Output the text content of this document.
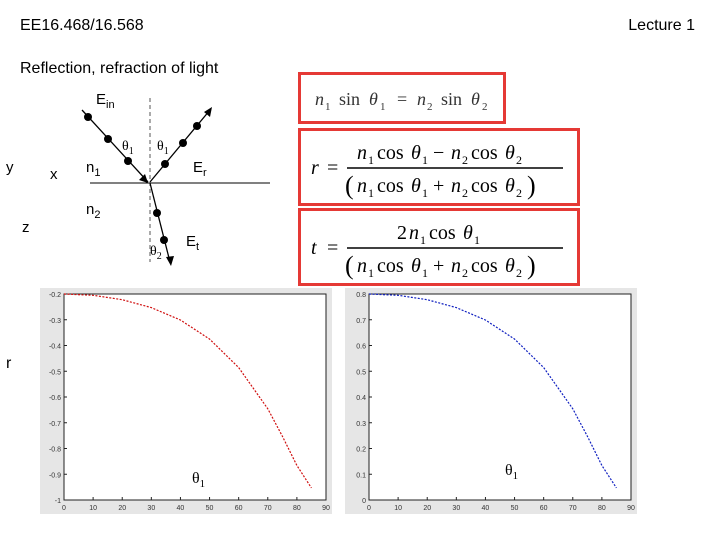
EE16.468/16.568	Lecture 1
Reflection, refraction of light
$E_{in}$
$\theta_1$ $\theta_1$
$n_1$	$E_r$
y x
$n_2$
z
$\theta_2$
$E_t$
n 1 sin θ 1 = n 2 sin θ 2
r =
n 1 cos θ 1 − n 2 cos θ 2
( n 1 cos θ 1 + n 2 cos θ 2 )
t =
2 n 1 cos θ 1
( n 1 cos θ 1 + n 2 cos θ 2 )
r
0	10	20	30	40	50	60	70	80	90
-0.2
-0.3
-0.4
-0.5
-0.6
-0.7
-0.8
-0.9
-1
0	10	20	30	40	50	60	70	80	90
0.8
0.7
0.6
0.5
0.4
0.3
0.2
0.1
0
$\theta_1$
$\theta_1$
